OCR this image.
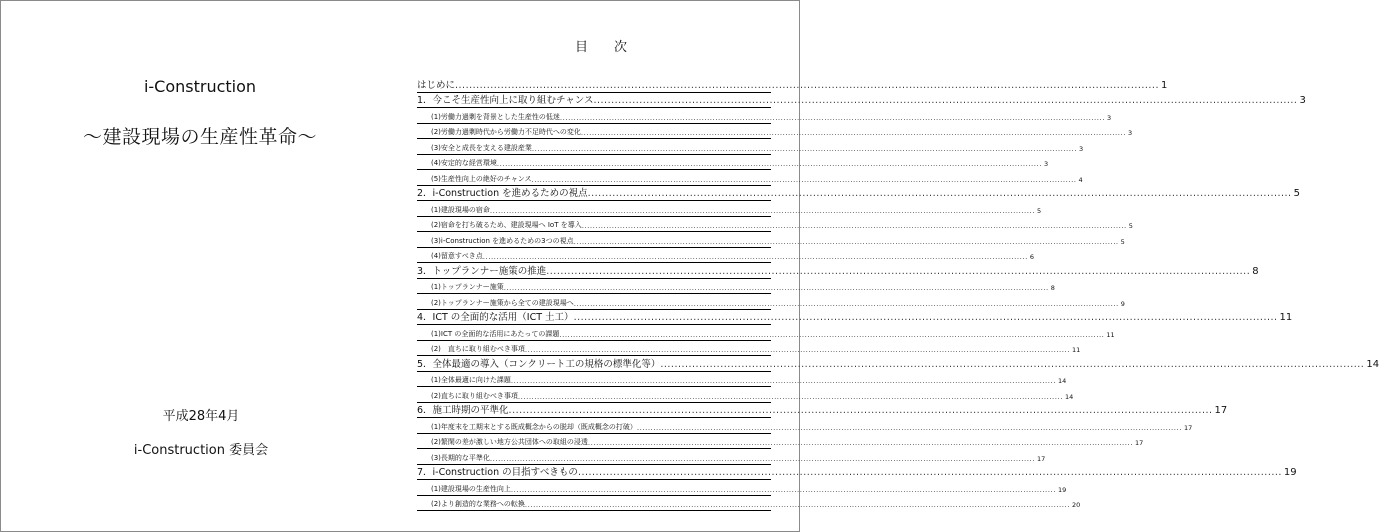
i-Construction
～建設現場の生産性革命～
平成28年4月
i-Construction 委員会
目　　次
はじめに ........................................................................................................................................................................................................ 1
1．今こそ生産性向上に取り組むチャンス ........................................................................................................................................................................................................ 3
(1)労働力過剰を背景とした生産性の低迷 ........................................................................................................................................................................................................ 3
(2)労働力過剰時代から労働力不足時代への変化 ........................................................................................................................................................................................................ 3
(3)安全と成長を支える建設産業 ........................................................................................................................................................................................................ 3
(4)安定的な経営環境 ........................................................................................................................................................................................................ 3
(5)生産性向上の絶好のチャンス ........................................................................................................................................................................................................ 4
2．i-Construction を進めるための視点 ........................................................................................................................................................................................................ 5
(1)建設現場の宿命 ........................................................................................................................................................................................................ 5
(2)宿命を打ち破るため、建設現場へ IoT を導入 ........................................................................................................................................................................................................ 5
(3)i-Construction を進めるための3つの視点 ........................................................................................................................................................................................................ 5
(4)留意すべき点 ........................................................................................................................................................................................................ 6
3．トップランナー施策の推進 ........................................................................................................................................................................................................ 8
(1)トップランナー施策 ........................................................................................................................................................................................................ 8
(2)トップランナー施策から全ての建設現場へ ........................................................................................................................................................................................................ 9
4．ICT の全面的な活用（ICT 土工） ........................................................................................................................................................................................................ 11
(1)ICT の全面的な活用にあたっての課題 ........................................................................................................................................................................................................ 11
(2)　直ちに取り組むべき事項 ........................................................................................................................................................................................................ 11
5．全体最適の導入（コンクリート工の規格の標準化等） ........................................................................................................................................................................................................ 14
(1)全体最適に向けた課題 ........................................................................................................................................................................................................ 14
(2)直ちに取り組むべき事項 ........................................................................................................................................................................................................ 14
6．施工時期の平準化 ........................................................................................................................................................................................................ 17
(1)年度末を工期末とする既成概念からの脱却（既成概念の打破） ........................................................................................................................................................................................................ 17
(2)繁閑の差が激しい地方公共団体への取組の浸透 ........................................................................................................................................................................................................ 17
(3)長期的な平準化 ........................................................................................................................................................................................................ 17
7．i-Construction の目指すべきもの ........................................................................................................................................................................................................ 19
(1)建設現場の生産性向上 ........................................................................................................................................................................................................ 19
(2)より創造的な業務への転換 ........................................................................................................................................................................................................ 20
